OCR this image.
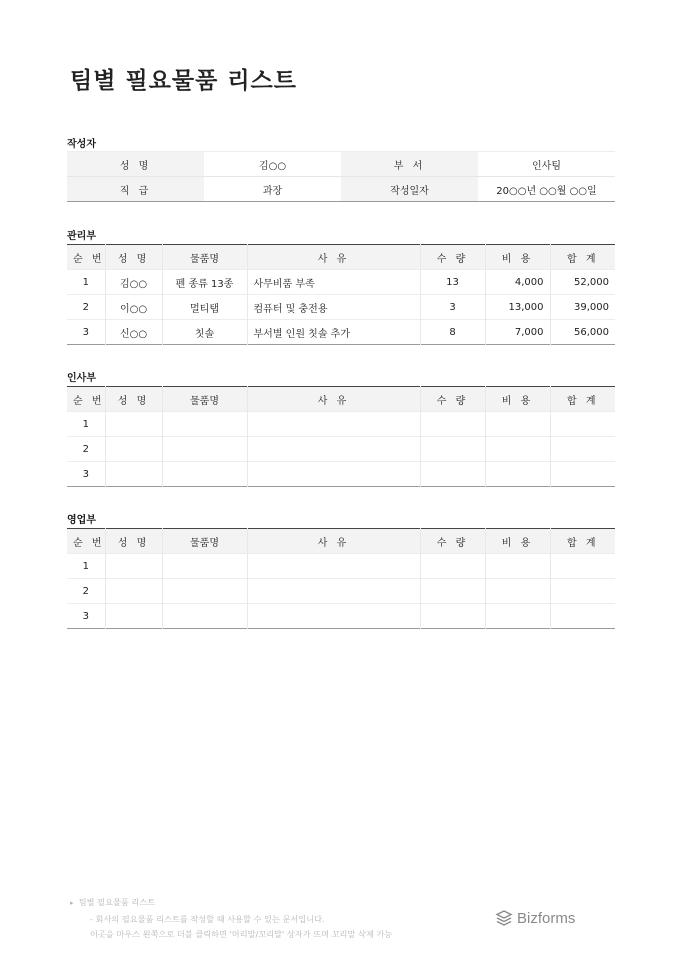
팀별 필요물품 리스트
작성자
성 명	김○○	부 서	인사팀
직 급	과장	작성일자	20○○년 ○○월 ○○일
관리부
순 번	성 명	물품명	사 유	수 량	비 용	합 계
1	김○○	펜 종류 13종	사무비품 부족	13	4,000	52,000
2	이○○	멀티탭	컴퓨터 및 충전용	3	13,000	39,000
3	신○○	칫솔	부서별 인원 칫솔 추가	8	7,000	56,000
인사부
순 번	성 명	물품명	사 유	수 량	비 용	합 계
1						
2						
3						
영업부
순 번	성 명	물품명	사 유	수 량	비 용	합 계
1						
2						
3						
▸ 팀별 필요물품 리스트
- 회사의 필요물품 리스트를 작성할 때 사용할 수 있는 문서입니다.
이곳을 마우스 왼쪽으로 더블 클릭하면 '머리말/꼬리말' 상자가 뜨며 꼬리말 삭제 가능
Bizforms
